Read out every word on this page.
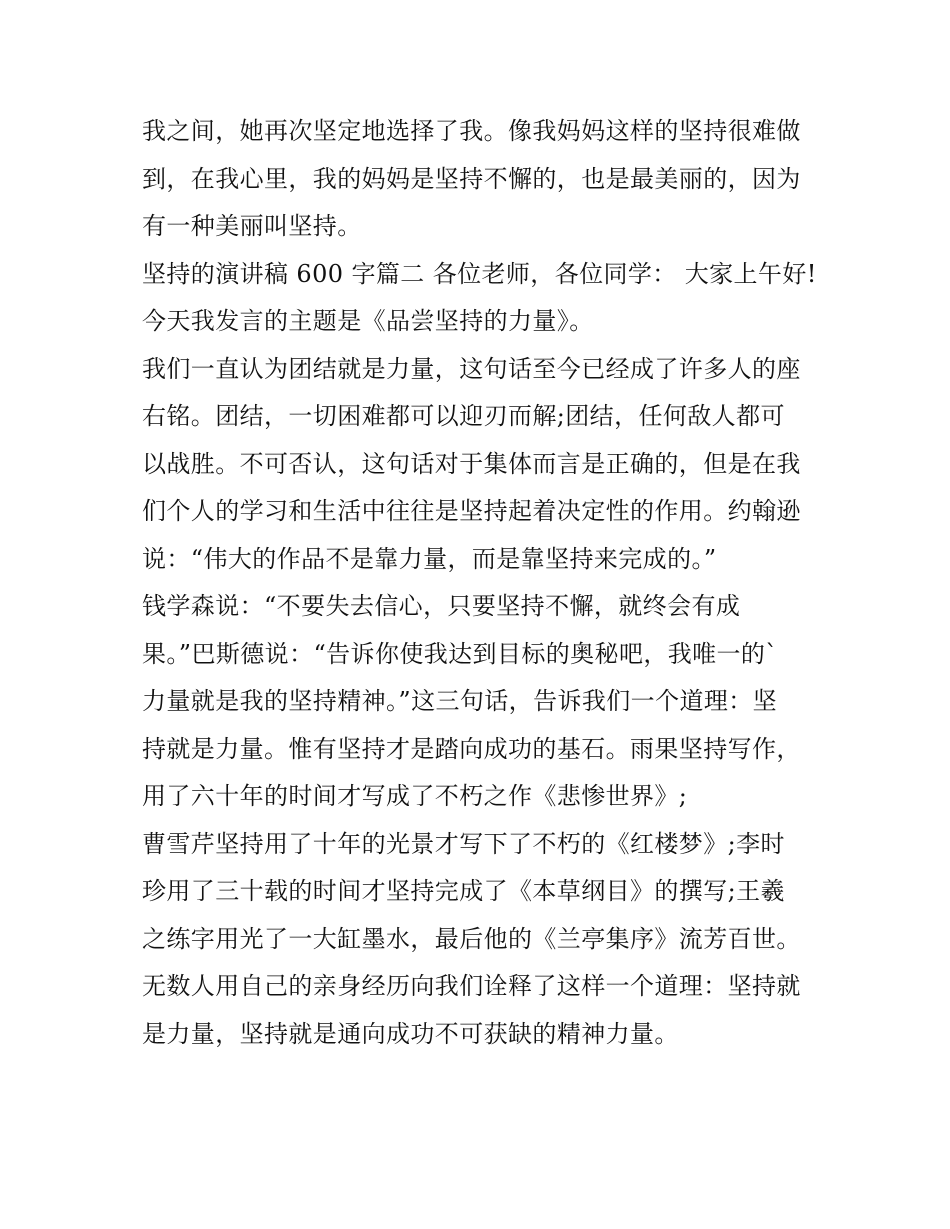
我之间，她再次坚定地选择了我。像我妈妈这样的坚持很难做
到，在我心里，我的妈妈是坚持不懈的，也是最美丽的，因为
有一种美丽叫坚持。
坚持的演讲稿 600 字篇二 各位老师，各位同学： 大家上午好!
今天我发言的主题是《品尝坚持的力量》。
我们一直认为团结就是力量，这句话至今已经成了许多人的座
右铭。团结，一切困难都可以迎刃而解;团结，任何敌人都可
以战胜。不可否认，这句话对于集体而言是正确的，但是在我
们个人的学习和生活中往往是坚持起着决定性的作用。约翰逊
说：“伟大的作品不是靠力量，而是靠坚持来完成的。”
钱学森说：“不要失去信心，只要坚持不懈，就终会有成
果。”巴斯德说：“告诉你使我达到目标的奥秘吧，我唯一的`
力量就是我的坚持精神。”这三句话，告诉我们一个道理：坚
持就是力量。惟有坚持才是踏向成功的基石。雨果坚持写作，
用了六十年的时间才写成了不朽之作《悲惨世界》;
曹雪芹坚持用了十年的光景才写下了不朽的《红楼梦》;李时
珍用了三十载的时间才坚持完成了《本草纲目》的撰写;王羲
之练字用光了一大缸墨水，最后他的《兰亭集序》流芳百世。
无数人用自己的亲身经历向我们诠释了这样一个道理：坚持就
是力量，坚持就是通向成功不可获缺的精神力量。
